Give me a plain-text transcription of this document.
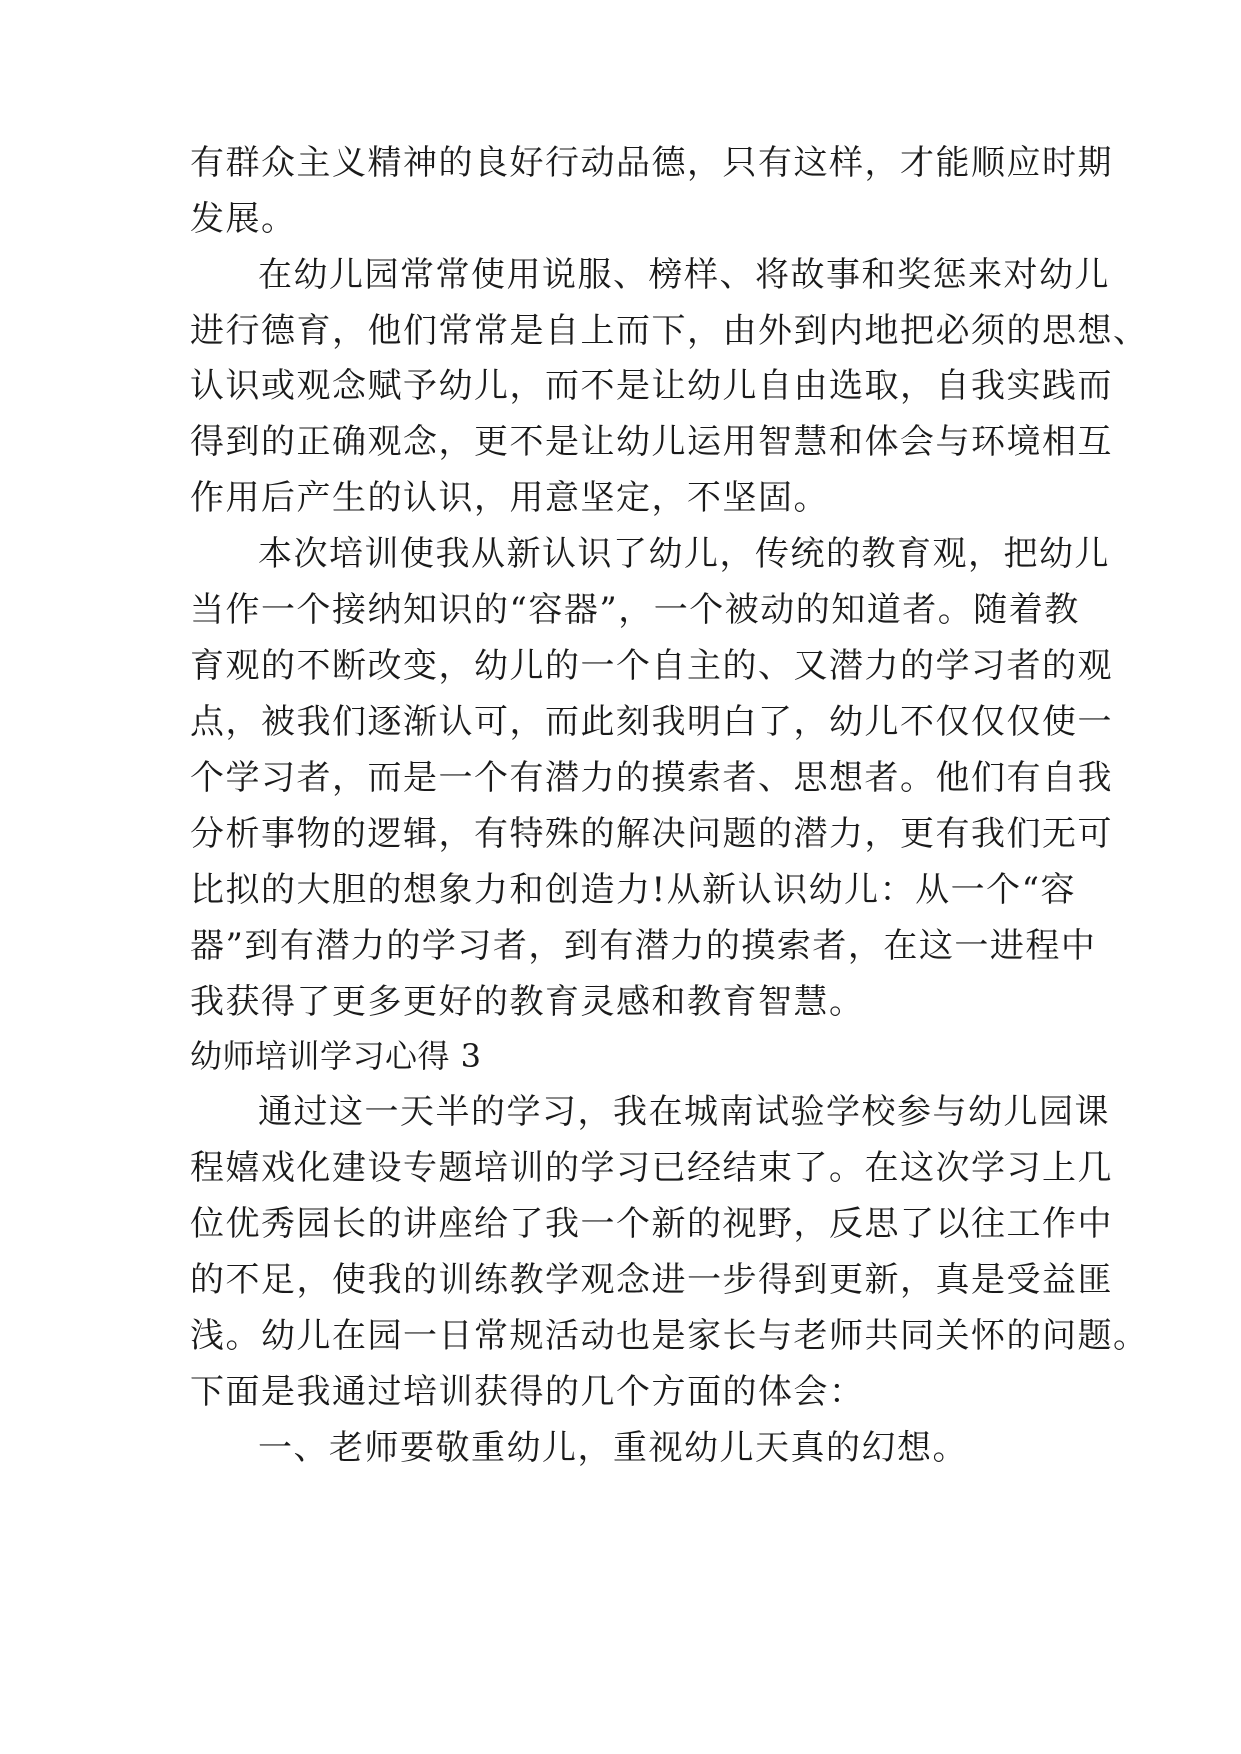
有群众主义精神的良好行动品德，只有这样，才能顺应时期

发展。

在幼儿园常常使用说服、榜样、将故事和奖惩来对幼儿

进行德育，他们常常是自上而下，由外到内地把必须的思想、

认识或观念赋予幼儿，而不是让幼儿自由选取，自我实践而

得到的正确观念，更不是让幼儿运用智慧和体会与环境相互

作用后产生的认识，用意坚定，不坚固。

本次培训使我从新认识了幼儿，传统的教育观，把幼儿

当作一个接纳知识的“容器”，一个被动的知道者。随着教

育观的不断改变，幼儿的一个自主的、又潜力的学习者的观

点，被我们逐渐认可，而此刻我明白了，幼儿不仅仅仅使一

个学习者，而是一个有潜力的摸索者、思想者。他们有自我

分析事物的逻辑，有特殊的解决问题的潜力，更有我们无可

比拟的大胆的想象力和创造力!从新认识幼儿：从一个“容

器”到有潜力的学习者，到有潜力的摸索者，在这一进程中

我获得了更多更好的教育灵感和教育智慧。

幼师培训学习心得 3

通过这一天半的学习，我在城南试验学校参与幼儿园课

程嬉戏化建设专题培训的学习已经结束了。在这次学习上几

位优秀园长的讲座给了我一个新的视野，反思了以往工作中

的不足，使我的训练教学观念进一步得到更新，真是受益匪

浅。幼儿在园一日常规活动也是家长与老师共同关怀的问题。

下面是我通过培训获得的几个方面的体会：

一、老师要敬重幼儿，重视幼儿天真的幻想。
